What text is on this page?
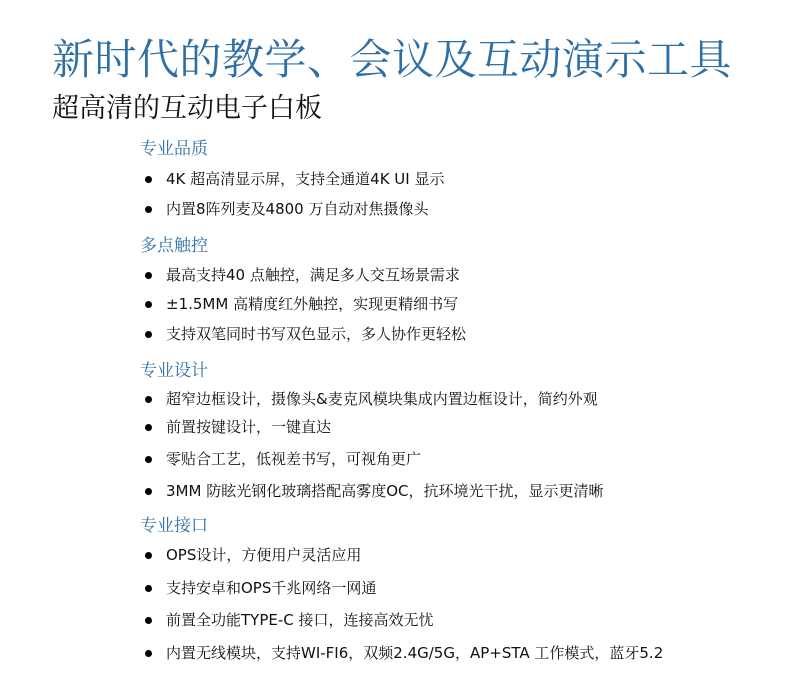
新时代的教学、会议及互动演示工具
超高清的互动电子白板
专业品质
4K 超高清显示屏，支持全通道4K UI 显示
内置8阵列麦及4800 万自动对焦摄像头
多点触控
最高支持40 点触控，满足多人交互场景需求
±1.5MM 高精度红外触控，实现更精细书写
支持双笔同时书写双色显示，多人协作更轻松
专业设计
超窄边框设计，摄像头&麦克风模块集成内置边框设计，简约外观
前置按键设计，一键直达
零贴合工艺，低视差书写，可视角更广
3MM 防眩光钢化玻璃搭配高雾度OC，抗环境光干扰，显示更清晰
专业接口
OPS设计，方便用户灵活应用
支持安卓和OPS千兆网络一网通
前置全功能TYPE-C 接口，连接高效无忧
内置无线模块，支持WI-FI6，双频2.4G/5G，AP+STA 工作模式，蓝牙5.2
